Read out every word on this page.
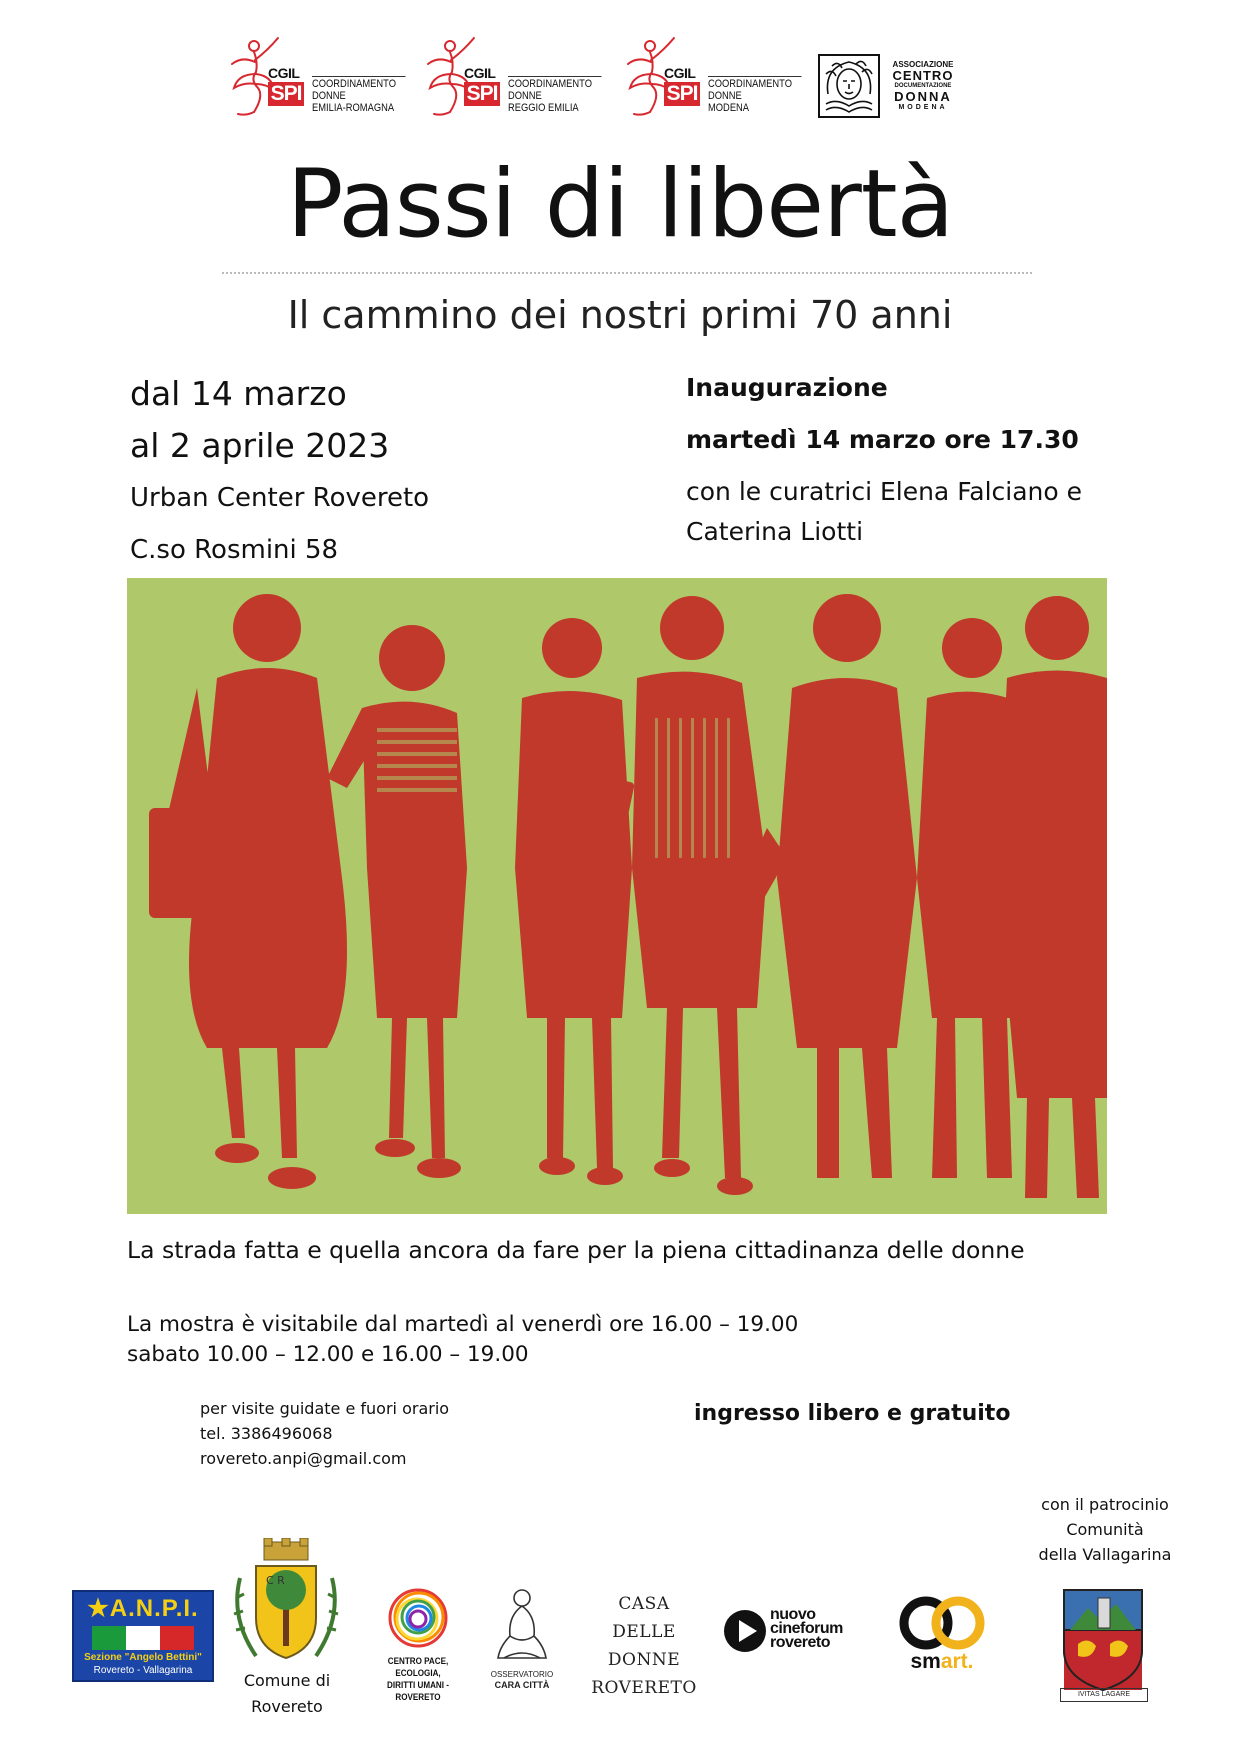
CGIL
SPI COORDINAMENTO
DONNE
EMILIA-ROMAGNA
CGIL
SPI COORDINAMENTO
DONNE
REGGIO EMILIA
CGIL
SPI COORDINAMENTO
DONNE
MODENA
ASSOCIAZIONE
CENTRO
DOCUMENTAZIONE
DONNA
MODENA
Passi di libertà
Il cammino dei nostri primi 70 anni
dal 14 marzo
al 2 aprile 2023
Urban Center Rovereto
C.so Rosmini 58
Inaugurazione
martedì 14 marzo ore 17.30
con le curatrici Elena Falciano e
Caterina Liotti
La strada fatta e quella ancora da fare per la piena cittadinanza delle donne
La mostra è visitabile dal martedì al venerdì ore 16.00 – 19.00
sabato 10.00 – 12.00 e 16.00 – 19.00
per visite guidate e fuori orario
tel. 3386496068
rovereto.anpi@gmail.com
ingresso libero e gratuito
con il patrocinio
Comunità
della Vallagarina
★A.N.P.I.
Sezione "Angelo Bettini"
Rovereto - Vallagarina
C R
Comune di
Rovereto
CENTRO PACE, ECOLOGIA,
DIRITTI UMANI - ROVERETO
OSSERVATORIO
CARA CITTÀ
CASA DELLE
DONNE
ROVERETO
nuovo
cineforum
rovereto
smart.
IVITAS LAGARE
